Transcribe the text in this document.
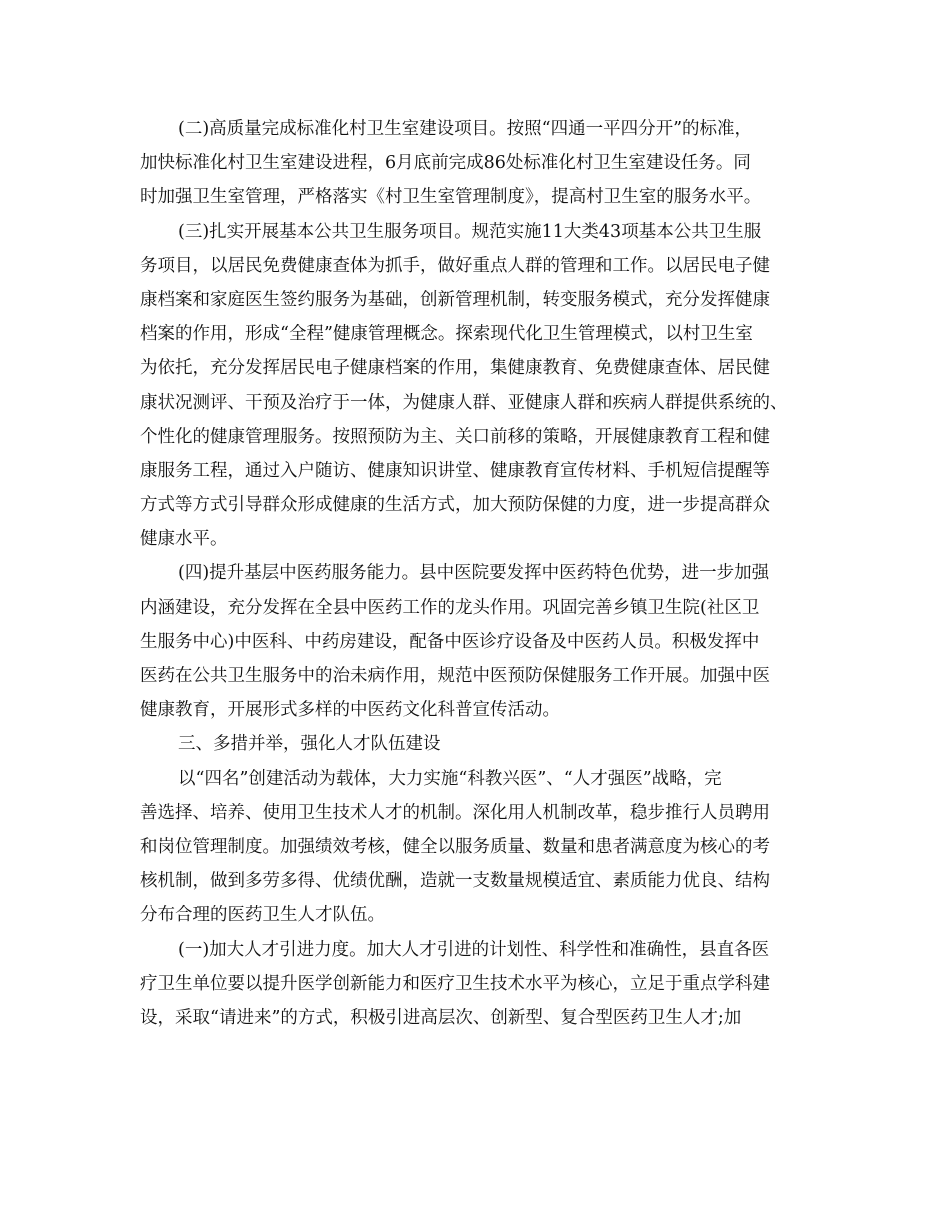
(二)高质量完成标准化村卫生室建设项目。按照“四通一平四分开”的标准，
加快标准化村卫生室建设进程，6月底前完成86处标准化村卫生室建设任务。同
时加强卫生室管理，严格落实《村卫生室管理制度》，提高村卫生室的服务水平。
(三)扎实开展基本公共卫生服务项目。规范实施11大类43项基本公共卫生服
务项目，以居民免费健康查体为抓手，做好重点人群的管理和工作。以居民电子健
康档案和家庭医生签约服务为基础，创新管理机制，转变服务模式，充分发挥健康
档案的作用，形成“全程”健康管理概念。探索现代化卫生管理模式，以村卫生室
为依托，充分发挥居民电子健康档案的作用，集健康教育、免费健康查体、居民健
康状况测评、干预及治疗于一体，为健康人群、亚健康人群和疾病人群提供系统的、
个性化的健康管理服务。按照预防为主、关口前移的策略，开展健康教育工程和健
康服务工程，通过入户随访、健康知识讲堂、健康教育宣传材料、手机短信提醒等
方式等方式引导群众形成健康的生活方式，加大预防保健的力度，进一步提高群众
健康水平。
(四)提升基层中医药服务能力。县中医院要发挥中医药特色优势，进一步加强
内涵建设，充分发挥在全县中医药工作的龙头作用。巩固完善乡镇卫生院(社区卫
生服务中心)中医科、中药房建设，配备中医诊疗设备及中医药人员。积极发挥中
医药在公共卫生服务中的治未病作用，规范中医预防保健服务工作开展。加强中医
健康教育，开展形式多样的中医药文化科普宣传活动。
三、多措并举，强化人才队伍建设
以“四名”创建活动为载体，大力实施“科教兴医”、“人才强医”战略，完
善选择、培养、使用卫生技术人才的机制。深化用人机制改革，稳步推行人员聘用
和岗位管理制度。加强绩效考核，健全以服务质量、数量和患者满意度为核心的考
核机制，做到多劳多得、优绩优酬，造就一支数量规模适宜、素质能力优良、结构
分布合理的医药卫生人才队伍。
(一)加大人才引进力度。加大人才引进的计划性、科学性和准确性，县直各医
疗卫生单位要以提升医学创新能力和医疗卫生技术水平为核心，立足于重点学科建
设，采取“请进来”的方式，积极引进高层次、创新型、复合型医药卫生人才;加
